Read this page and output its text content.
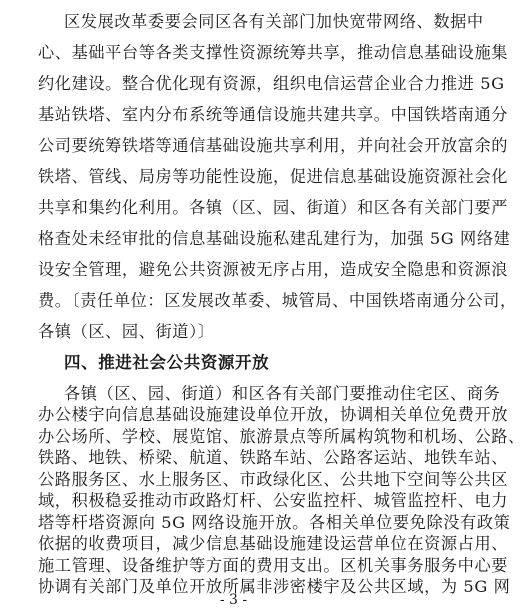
区发展改革委要会同区各有关部门加快宽带网络、数据中
心、基础平台等各类支撑性资源统筹共享，推动信息基础设施集
约化建设。整合优化现有资源，组织电信运营企业合力推进 5G
基站铁塔、室内分布系统等通信设施共建共享。中国铁塔南通分
公司要统筹铁塔等通信基础设施共享利用，并向社会开放富余的
铁塔、管线、局房等功能性设施，促进信息基础设施资源社会化
共享和集约化利用。各镇（区、园、街道）和区各有关部门要严
格查处未经审批的信息基础设施私建乱建行为，加强 5G 网络建
设安全管理，避免公共资源被无序占用，造成安全隐患和资源浪
费。〔责任单位：区发展改革委、城管局、中国铁塔南通分公司，
各镇（区、园、街道）〕
四、推进社会公共资源开放
各镇（区、园、街道）和区各有关部门要推动住宅区、商务
办公楼宇向信息基础设施建设单位开放，协调相关单位免费开放
办公场所、学校、展览馆、旅游景点等所属构筑物和机场、公路、
铁路、地铁、桥梁、航道、铁路车站、公路客运站、地铁车站、
公路服务区、水上服务区、市政绿化区、公共地下空间等公共区
域，积极稳妥推动市政路灯杆、公安监控杆、城管监控杆、电力
塔等杆塔资源向 5G 网络设施开放。各相关单位要免除没有政策
依据的收费项目，减少信息基础设施建设运营单位在资源占用、
施工管理、设备维护等方面的费用支出。区机关事务服务中心要
协调有关部门及单位开放所属非涉密楼宇及公共区域，为 5G 网
- 3 -
